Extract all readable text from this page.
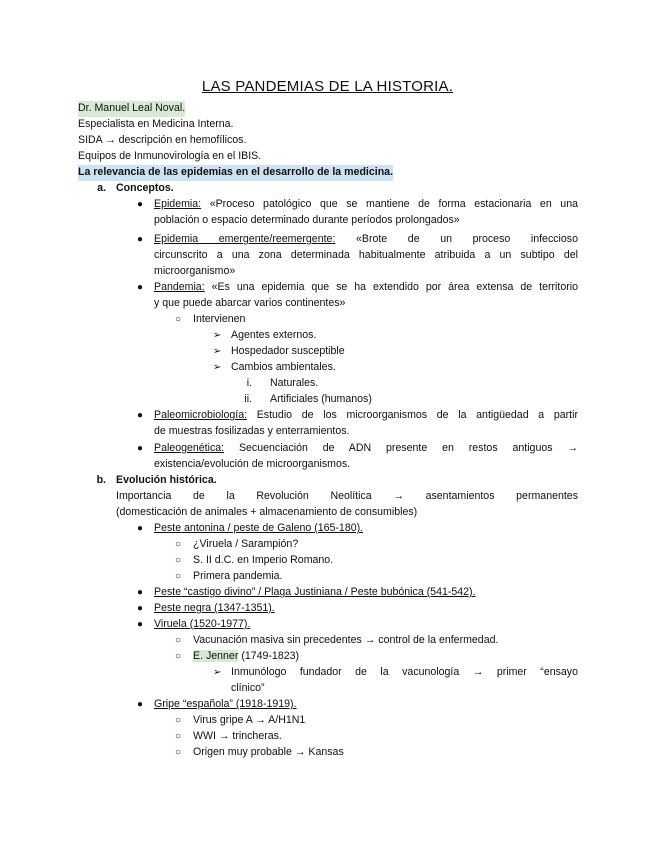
LAS PANDEMIAS DE LA HISTORIA.
Dr. Manuel Leal Noval.
Especialista en Medicina Interna.
SIDA → descripción en hemofílicos.
Equipos de Inmunovirología en el IBIS.
La relevancia de las epidemias en el desarrollo de la medicina.
a. Conceptos.
● Epidemia: «Proceso patológico que se mantiene de forma estacionaria en una
población o espacio determinado durante períodos prolongados»
● Epidemia emergente/reemergente: «Brote de un proceso infeccioso
circunscrito a una zona determinada habitualmente atribuida a un subtipo del
microorganismo»
● Pandemia: «Es una epidemia que se ha extendido por área extensa de territorio
y que puede abarcar varios continentes»
○ Intervienen
➢ Agentes externos.
➢ Hospedador susceptible
➢ Cambios ambientales.
i. Naturales.
ii. Artificiales (humanos)
● Paleomicrobiología: Estudio de los microorganismos de la antigüedad a partir
de muestras fosilizadas y enterramientos.
● Paleogenética: Secuenciación de ADN presente en restos antiguos →
existencia/evolución de microorganismos.
b. Evolución histórica.
Importancia de la Revolución Neolítica → asentamientos permanentes
(domesticación de animales + almacenamiento de consumibles)
● Peste antonina / peste de Galeno (165-180).
○ ¿Viruela / Sarampión?
○ S. II d.C. en Imperio Romano.
○ Primera pandemia.
● Peste “castigo divino” / Plaga Justiniana / Peste bubónica (541-542).
● Peste negra (1347-1351).
● Viruela (1520-1977).
○ Vacunación masiva sin precedentes → control de la enfermedad.
○ E. Jenner (1749-1823)
➢ Inmunólogo fundador de la vacunología → primer “ensayo
clínico”
● Gripe “española” (1918-1919).
○ Virus gripe A → A/H1N1
○ WWI → trincheras.
○ Origen muy probable → Kansas
